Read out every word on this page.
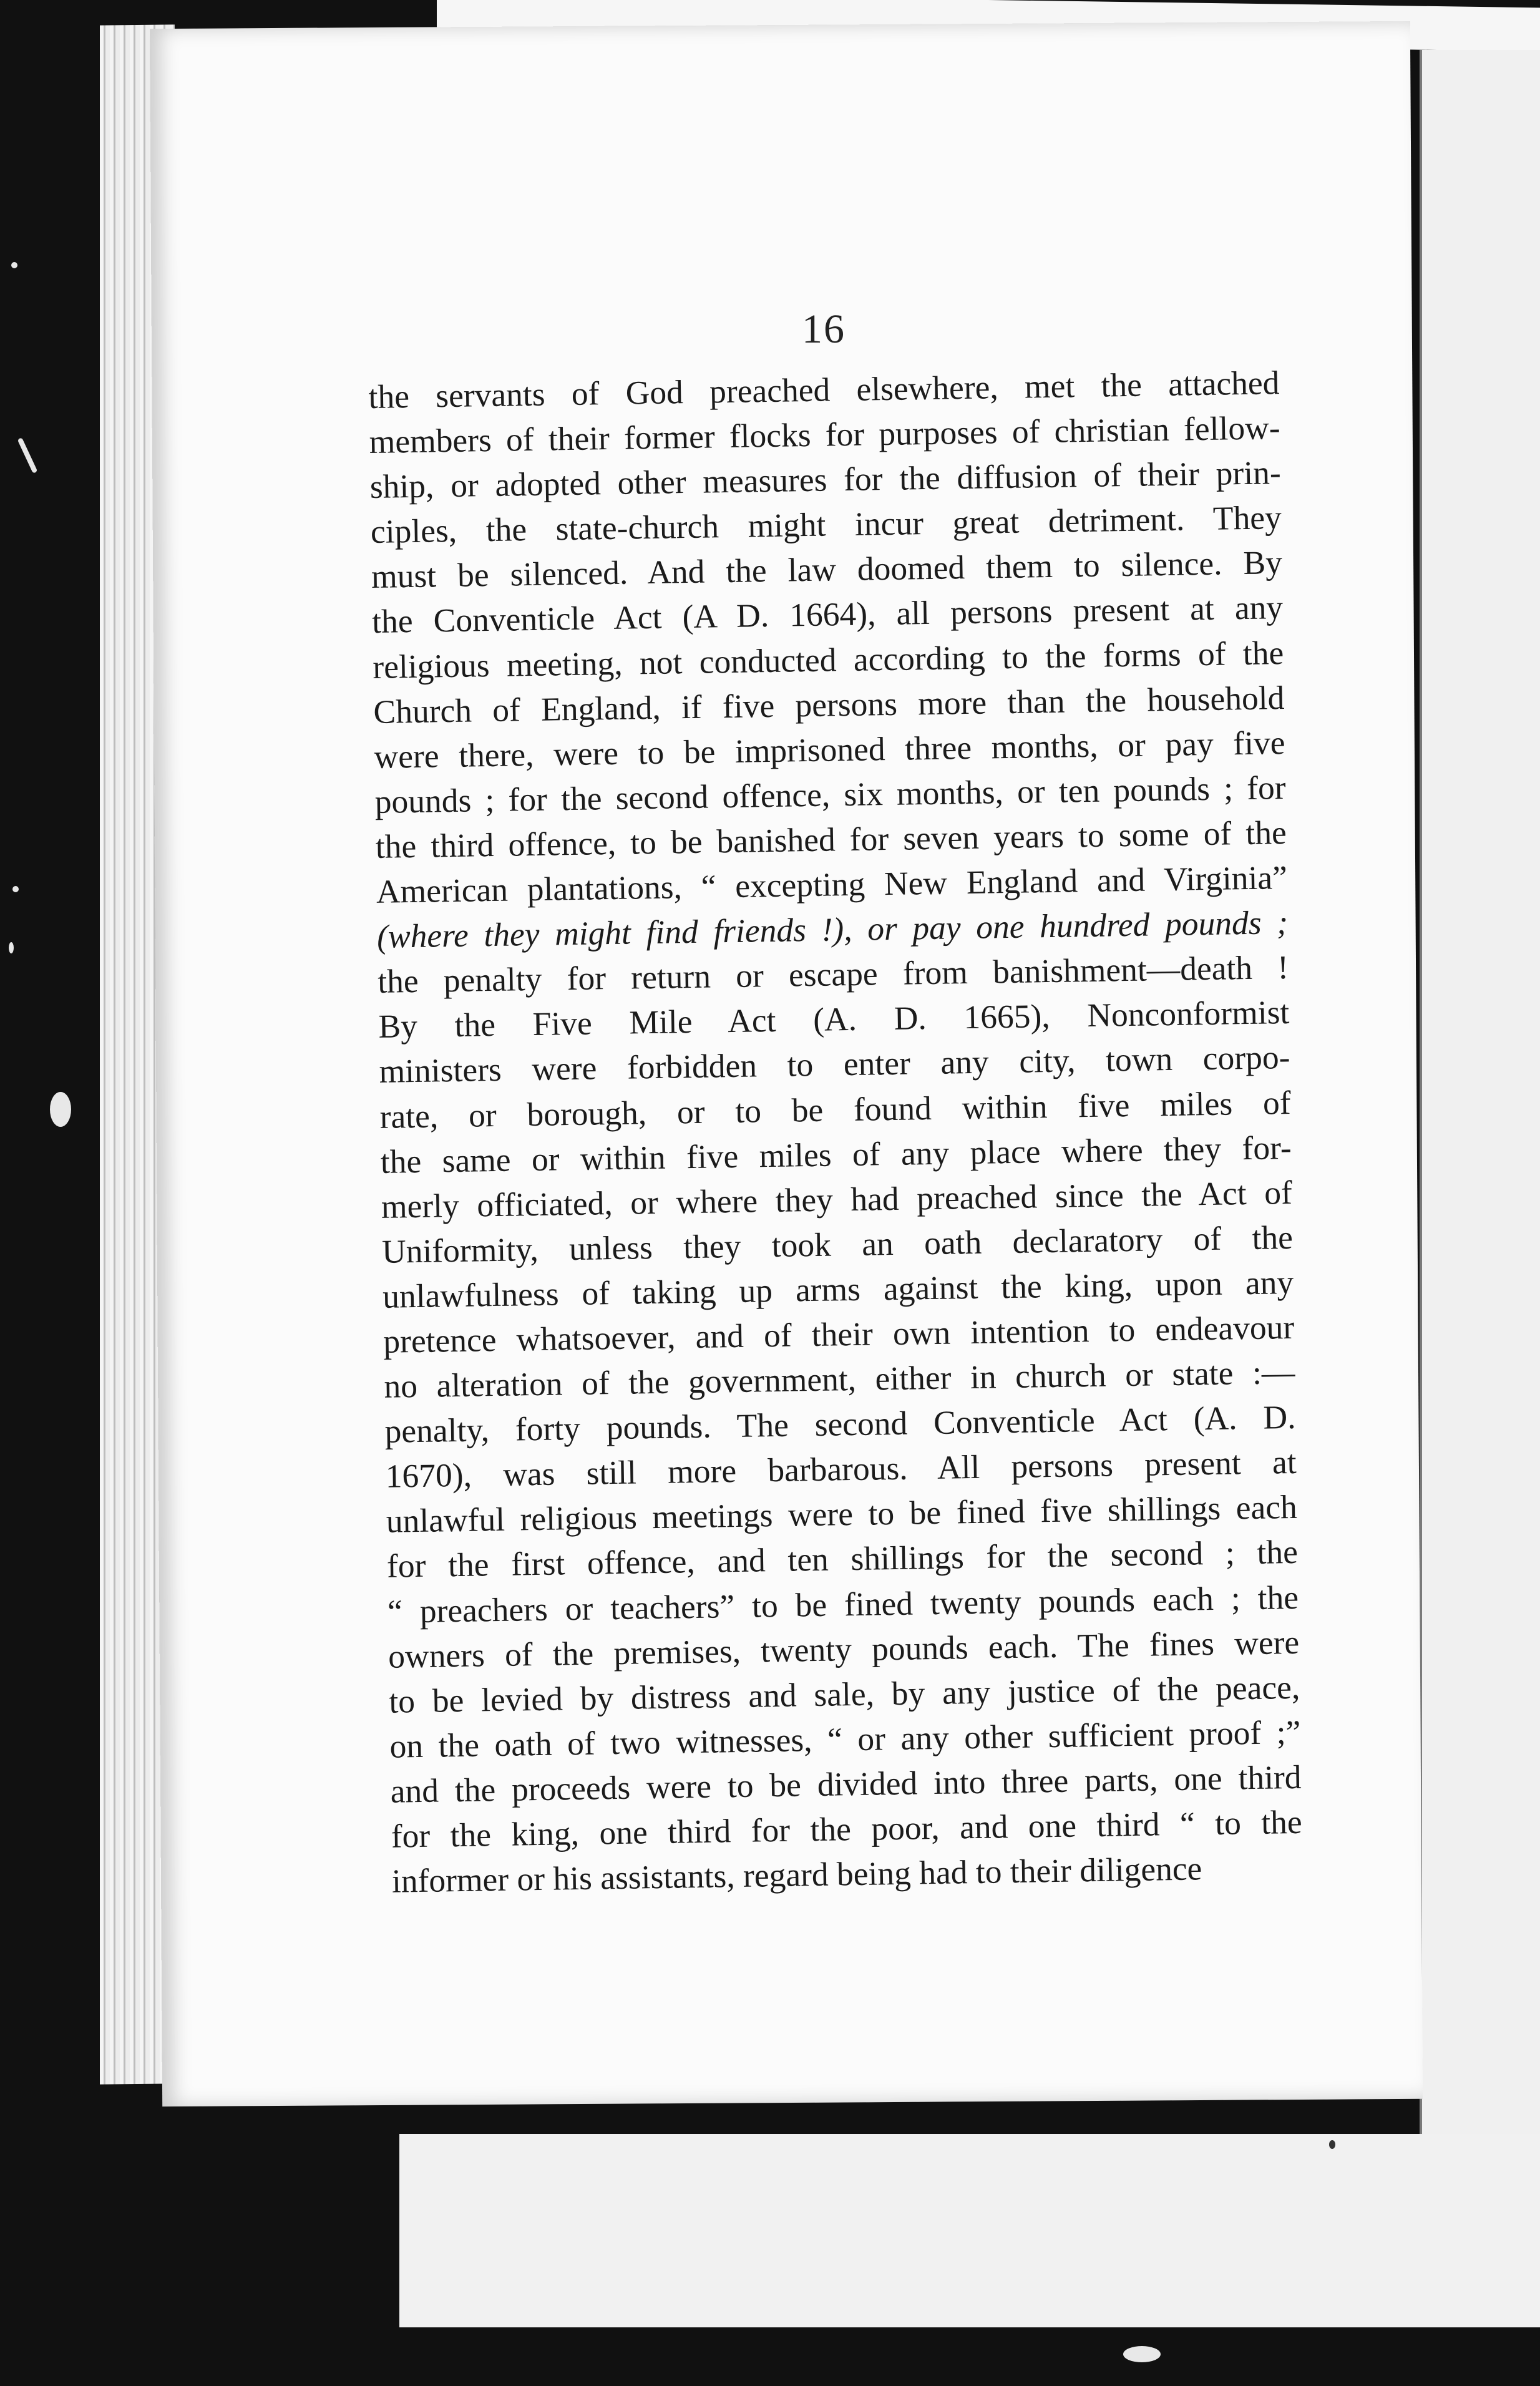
16
the servants of God preached elsewhere, met the attached
members of their former flocks for purposes of christian fellow-
ship, or adopted other measures for the diffusion of their prin-
ciples, the state-church might incur great detriment. They
must be silenced. And the law doomed them to silence. By
the Conventicle Act (A D. 1664), all persons present at any
religious meeting, not conducted according to the forms of the
Church of England, if five persons more than the household
were there, were to be imprisoned three months, or pay five
pounds ; for the second offence, six months, or ten pounds ; for
the third offence, to be banished for seven years to some of the
American plantations, “ excepting New England and Virginia”
(where they might find friends !), or pay one hundred pounds ;
the penalty for return or escape from banishment—death !
By the Five Mile Act (A. D. 1665), Nonconformist
ministers were forbidden to enter any city, town corpo-
rate, or borough, or to be found within five miles of
the same or within five miles of any place where they for-
merly officiated, or where they had preached since the Act of
Uniformity, unless they took an oath declaratory of the
unlawfulness of taking up arms against the king, upon any
pretence whatsoever, and of their own intention to endeavour
no alteration of the government, either in church or state :—
penalty, forty pounds. The second Conventicle Act (A. D.
1670), was still more barbarous. All persons present at
unlawful religious meetings were to be fined five shillings each
for the first offence, and ten shillings for the second ; the
“ preachers or teachers” to be fined twenty pounds each ; the
owners of the premises, twenty pounds each. The fines were
to be levied by distress and sale, by any justice of the peace,
on the oath of two witnesses, “ or any other sufficient proof ;”
and the proceeds were to be divided into three parts, one third
for the king, one third for the poor, and one third “ to the
informer or his assistants, regard being had to their diligence
